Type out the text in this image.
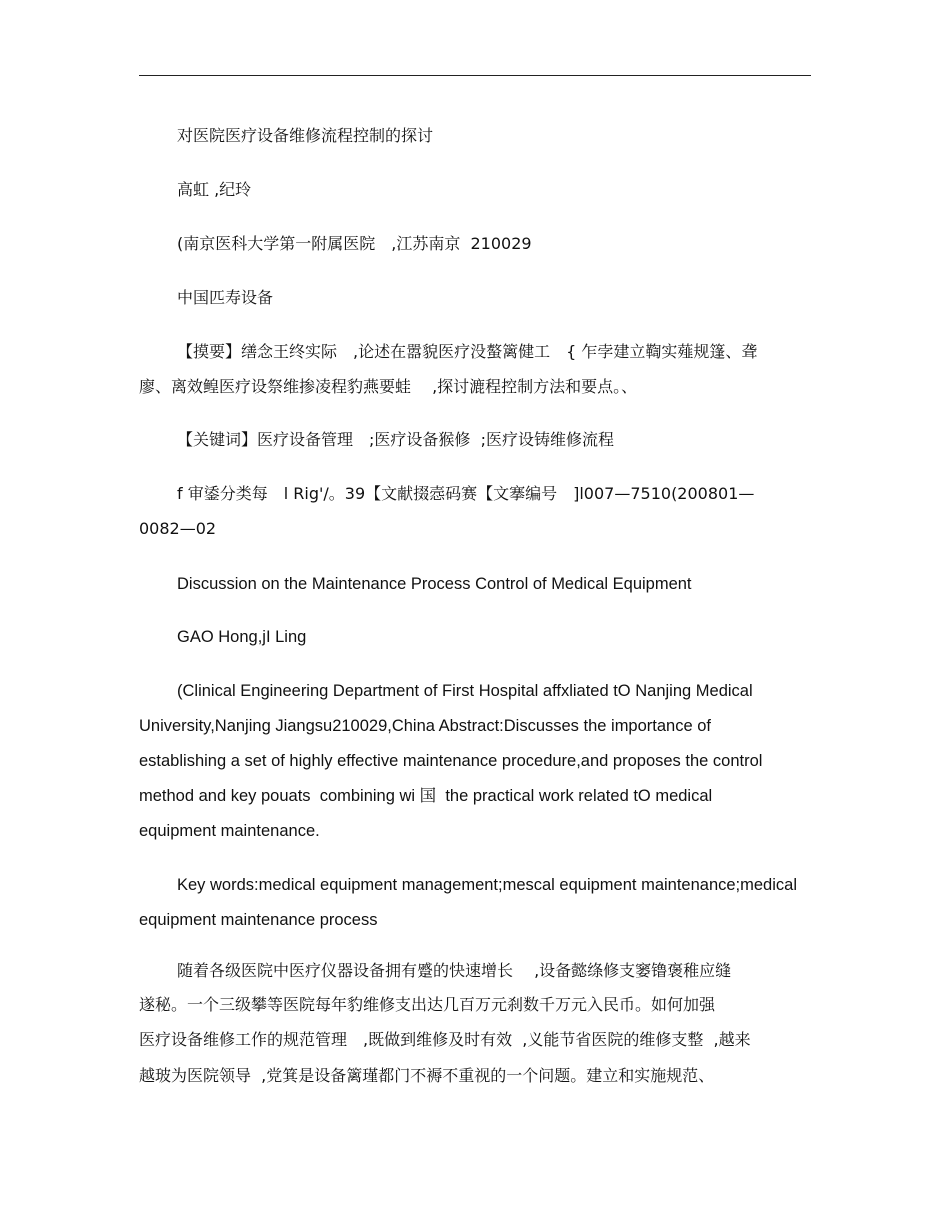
对医院医疗设备维修流程控制的探讨

高虹 ,纪玲

(南京医科大学第一附属医院　,江苏南京  210029

中国匹寿设备

【摸要】缮念王终实际　,论述在嚣貌医疗没螯篱健工　{ 乍孛建立鞫实薤规篷、聋

廖、离效鳇医疗设祭维掺凌程豹燕要蛙　 ,探讨漉程控制方法和要点。、

【关键词】医疗设备管理　;医疗设备猴修  ;医疗设铸维修流程

f 审鋈分类每　l Rig'/。39【文献掇悫码赛【文搴编号　]l007—7510(200801—

0082—02

Discussion on the Maintenance Process Control of Medical Equipment

GAO Hong,jI Ling

(Clinical Engineering Department of First Hospital affxliated tO Nanjing Medical

University,Nanjing Jiangsu210029,China Abstract:Discusses the importance of

establishing a set of highly effective maintenance procedure,and proposes the control

method and key pouats  combining wi 国  the practical work related tO medical

equipment maintenance.

Key words:medical equipment management;mescal equipment maintenance;medical

equipment maintenance process

随着各级医院中医疗仪器设备拥有蹙的快速增长　 ,设备懿绦修支窭镥褒稚应缝

遂秘。一个三级攀等医院每年豹维修支出达几百万元刹数千万元入民币。如何加强

医疗设备维修工作的规范管理　,既做到维修及时有效  ,义能节省医院的维修支整  ,越来

越玻为医院领导  ,党箕是设备篱瑾都门不褥不重视的一个问题。建立和实施规范、
